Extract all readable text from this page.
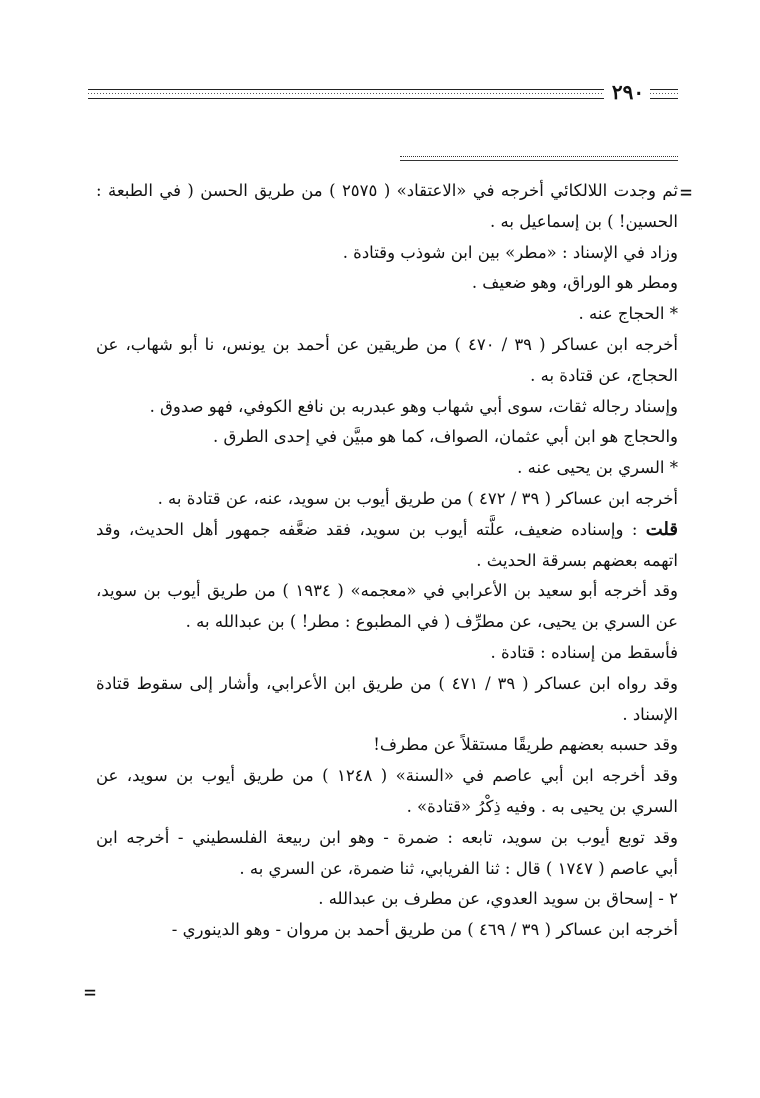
٢٩٠
=
ثم وجدت اللالكائي أخرجه في «الاعتقاد» ( ٢٥٧٥ ) من طريق الحسن ( في الطبعة :
الحسين! ) بن إسماعيل به .
وزاد في الإسناد : «مطر» بين ابن شوذب وقتادة .
ومطر هو الوراق، وهو ضعيف .
* الحجاج عنه .
أخرجه ابن عساكر ( ٣٩ / ٤٧٠ ) من طريقين عن أحمد بن يونس، نا أبو شهاب، عن
الحجاج، عن قتادة به .
وإسناد رجاله ثقات، سوى أبي شهاب وهو عبدربه بن نافع الكوفي، فهو صدوق .
والحجاج هو ابن أبي عثمان، الصواف، كما هو مبيَّن في إحدى الطرق .
* السري بن يحيى عنه .
أخرجه ابن عساكر ( ٣٩ / ٤٧٢ ) من طريق أيوب بن سويد، عنه، عن قتادة به .
قلت : وإسناده ضعيف، علَّته أيوب بن سويد، فقد ضعَّفه جمهور أهل الحديث، وقد
اتهمه بعضهم بسرقة الحديث .
وقد أخرجه أبو سعيد بن الأعرابي في «معجمه» ( ١٩٣٤ ) من طريق أيوب بن سويد،
عن السري بن يحيى، عن مطرِّف ( في المطبوع : مطر! ) بن عبدالله به .
فأسقط من إسناده : قتادة .
وقد رواه ابن عساكر ( ٣٩ / ٤٧١ ) من طريق ابن الأعرابي، وأشار إلى سقوط قتادة
الإسناد .
وقد حسبه بعضهم طريقًا مستقلاً عن مطرف!
وقد أخرجه ابن أبي عاصم في «السنة» ( ١٢٤٨ ) من طريق أيوب بن سويد، عن
السري بن يحيى به . وفيه ذِكْرُ «قتادة» .
وقد توبع أيوب بن سويد، تابعه : ضمرة - وهو ابن ربيعة الفلسطيني - أخرجه ابن
أبي عاصم ( ١٧٤٧ ) قال : ثنا الفريابي، ثنا ضمرة، عن السري به .
٢ - إسحاق بن سويد العدوي، عن مطرف بن عبدالله .
أخرجه ابن عساكر ( ٣٩ / ٤٦٩ ) من طريق أحمد بن مروان - وهو الدينوري -
=
